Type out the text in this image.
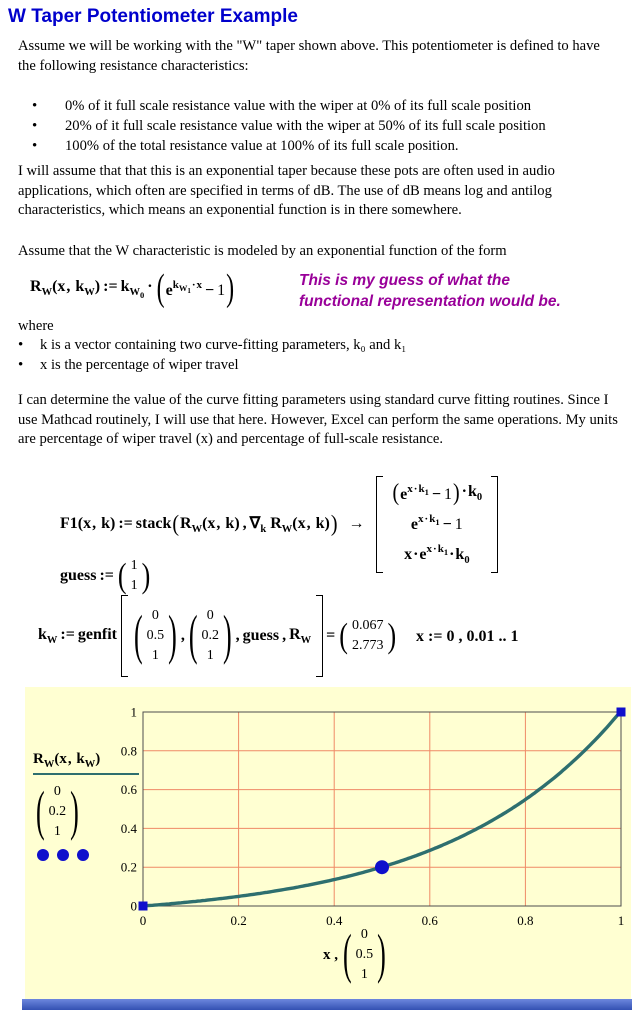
W Taper Potentiometer Example
Assume we will be working with the "W" taper shown above. This potentiometer is defined to have the following resistance characteristics:
• 0% of it full scale resistance value with the wiper at 0% of its full scale position
• 20% of it full scale resistance value with the wiper at 50% of its full scale position
• 100% of the total resistance value at 100% of its full scale position.
I will assume that that this is an exponential taper because these pots are often used in audio applications, which often are specified in terms of dB. The use of dB means log and antilog characteristics, which means an exponential function is in there somewhere.
Assume that the W characteristic is modeled by an exponential function of the form
$R_W(x$, $k_W$) := $k_{W_0}$ · ( $e^{k_{W_1}\cdot x} - 1$ )	This is my guess of what the
functional representation would be.
where
• k is a vector containing two curve-fitting parameters, k₀ and k₁
• x is the percentage of wiper travel
I can determine the value of the curve fitting parameters using standard curve fitting routines. Since I use Mathcad routinely, I will use that here. However, Excel can perform the same operations. My units are percentage of wiper travel (x) and percentage of full-scale resistance.
F1(x, k) := stack ( $R_W(x$, k) , $\nabla_k$ $R_W(x$, k) ) →
( $e^{x\cdot k_1} - 1$ ) $\cdot k_0$
$e^{x\cdot k_1} - 1$
$x\cdot e^{x\cdot k_1}\cdot k_0$
guess := ( 1
1 )
$k_W$ := genfit ( 0
0.5
1 ) , ( 0
0.2
1 ) , guess , $R_W$ = ( 0.067
2.773 ) x := 0 , 0.01 .. 1
$R_W(x$, $k_W$)
( 0
0.2
1 )
0	0.2	0.4	0.6	0.8	1
1
0.8
0.6
0.4
0.2
0
x , ( 0
0.5
1 )
